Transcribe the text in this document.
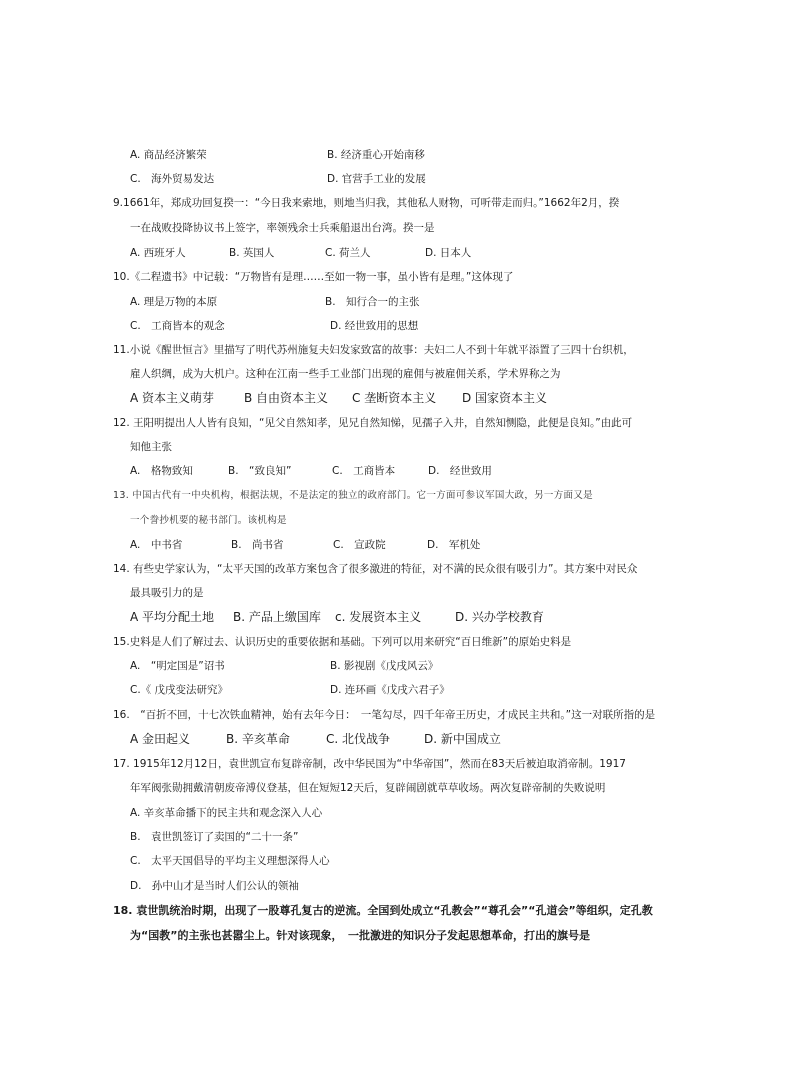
A. 商品经济繁荣	B. 经济重心开始南移
C.　海外贸易发达	D. 官营手工业的发展
9.1661年，郑成功回复揆一：“今日我来索地，则地当归我，其他私人财物，可听带走而归。”1662年2月，揆
一在战败投降协议书上签字，率领残余士兵乘船退出台湾。揆一是
A. 西班牙人	B. 英国人	C. 荷兰人	D. 日本人
10.《二程遗书》中记载：“万物皆有是理……至如一物一事，虽小皆有是理。”这体现了
A. 理是万物的本原	B.　知行合一的主张
C.　工商皆本的观念	D. 经世致用的思想
11.小说《醒世恒言》里描写了明代苏州施复夫妇发家致富的故事：夫妇二人不到十年就平添置了三四十台织机，
雇人织绸，成为大机户。这种在江南一些手工业部门出现的雇佣与被雇佣关系，学术界称之为
A 资本主义萌芽 B 自由资本主义 C 垄断资本主义 D 国家资本主义
12. 王阳明提出人人皆有良知，“见父自然知孝，见兄自然知悌，见孺子入井，自然知恻隐，此便是良知。”由此可
知他主张
A.　格物致知	B.　“致良知”	C.　工商皆本	D.　经世致用
13. 中国古代有一中央机构，根据法规，不是法定的独立的政府部门。它一方面可参议军国大政，另一方面又是
一个誊抄机要的秘书部门。该机构是
A.　中书省	B.　尚书省	C.　宣政院	D.　军机处
14. 有些史学家认为，“太平天国的改革方案包含了很多激进的特征，对不满的民众很有吸引力”。其方案中对民众
最具吸引力的是
A 平均分配土地 B. 产品上缴国库 c. 发展资本主义	D. 兴办学校教育
15.史料是人们了解过去、认识历史的重要依据和基础。下列可以用来研究“百日维新”的原始史料是
A.　“明定国是”诏书	B. 影视剧《戊戌风云》
C.《 戊戌变法研究》	D. 连环画《戊戌六君子》
16.　“百折不回，十七次铁血精神，始有去年今日：　一笔勾尽，四千年帝王历史，才成民主共和。”这一对联所指的是
A 金田起义	B. 辛亥革命	C. 北伐战争	D. 新中国成立
17. 1915年12月12日，袁世凯宣布复辟帝制，改中华民国为“中华帝国”，然而在83天后被迫取消帝制。1917
年军阀张勋拥戴清朝废帝溥仪登基，但在短短12天后，复辟闹剧就草草收场。两次复辟帝制的失败说明
A. 辛亥革命播下的民主共和观念深入人心
B.　袁世凯签订了卖国的“二十一条”
C.　太平天国倡导的平均主义理想深得人心
D.　孙中山才是当时人们公认的领袖
18. 袁世凯统治时期，出现了一股尊孔复古的逆流。全国到处成立“孔教会”“尊孔会”“孔道会”等组织，定孔教
为“国教”的主张也甚嚣尘上。针对该现象，　一批激进的知识分子发起思想革命，打出的旗号是
